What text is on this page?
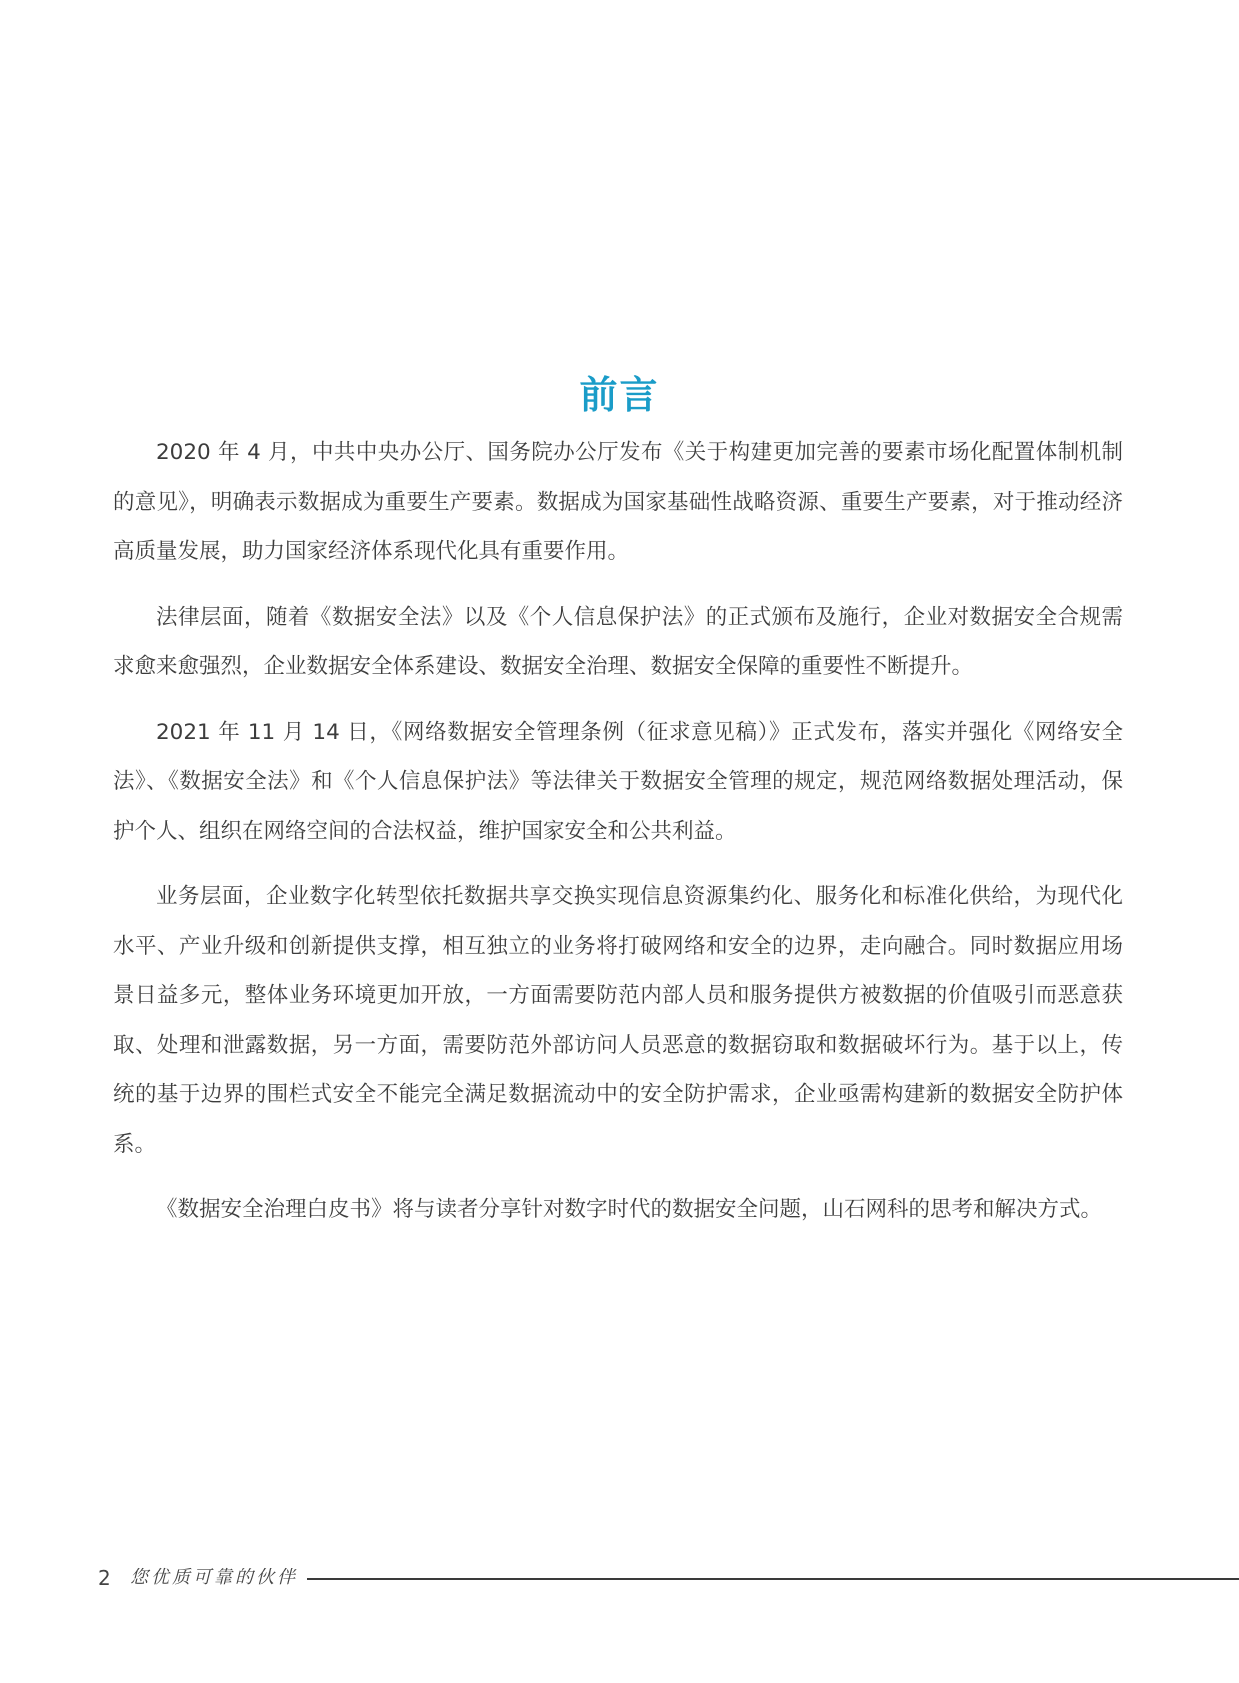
前言

2020 年 4 月，中共中央办公厅、国务院办公厅发布《关于构建更加完善的要素市场化配置体制机制的意见》，明确表示数据成为重要生产要素。数据成为国家基础性战略资源、重要生产要素，对于推动经济高质量发展，助力国家经济体系现代化具有重要作用。

法律层面，随着《数据安全法》以及《个人信息保护法》的正式颁布及施行，企业对数据安全合规需求愈来愈强烈，企业数据安全体系建设、数据安全治理、数据安全保障的重要性不断提升。

2021 年 11 月 14 日，《网络数据安全管理条例（征求意见稿）》正式发布，落实并强化《网络安全法》、《数据安全法》和《个人信息保护法》等法律关于数据安全管理的规定，规范网络数据处理活动，保护个人、组织在网络空间的合法权益，维护国家安全和公共利益。

业务层面，企业数字化转型依托数据共享交换实现信息资源集约化、服务化和标准化供给，为现代化水平、产业升级和创新提供支撑，相互独立的业务将打破网络和安全的边界，走向融合。同时数据应用场景日益多元，整体业务环境更加开放，一方面需要防范内部人员和服务提供方被数据的价值吸引而恶意获取、处理和泄露数据，另一方面，需要防范外部访问人员恶意的数据窃取和数据破坏行为。基于以上，传统的基于边界的围栏式安全不能完全满足数据流动中的安全防护需求，企业亟需构建新的数据安全防护体系。

《数据安全治理白皮书》将与读者分享针对数字时代的数据安全问题，山石网科的思考和解决方式。

2 您优质可靠的伙伴
